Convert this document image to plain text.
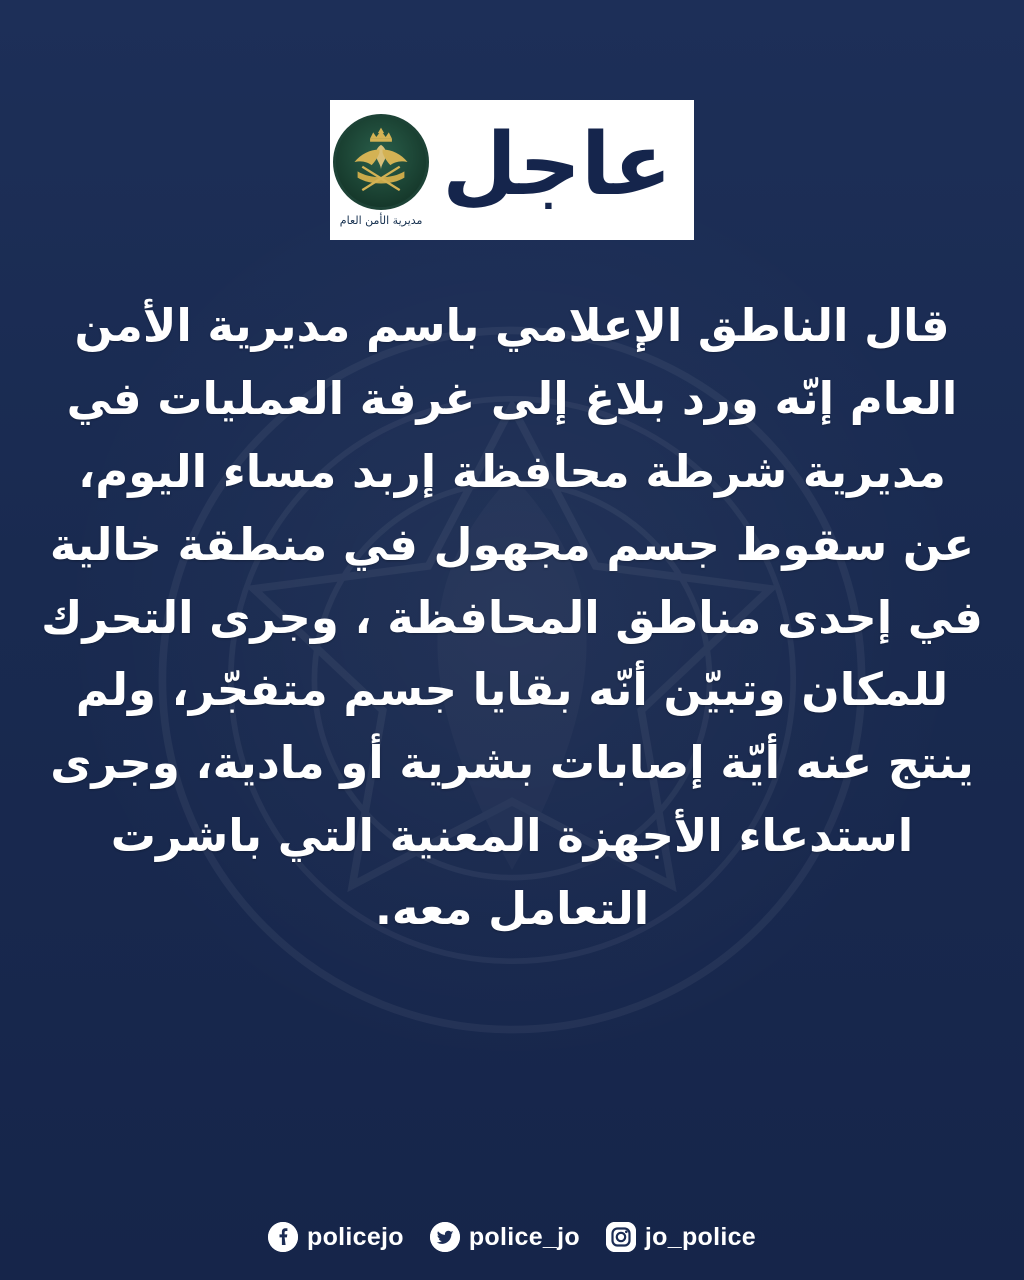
عاجل
مديرية الأمن العام
قال الناطق الإعلامي باسم مديرية الأمن العام إنّه ورد بلاغ إلى غرفة العمليات في مديرية شرطة محافظة إربد مساء اليوم، عن سقوط جسم مجهول في منطقة خالية في إحدى مناطق المحافظة ، وجرى التحرك للمكان وتبيّن أنّه بقايا جسم متفجّر، ولم ينتج عنه أيّة إصابات بشرية أو مادية، وجرى استدعاء الأجهزة المعنية التي باشرت التعامل معه.
policejo	police_jo	jo_police
